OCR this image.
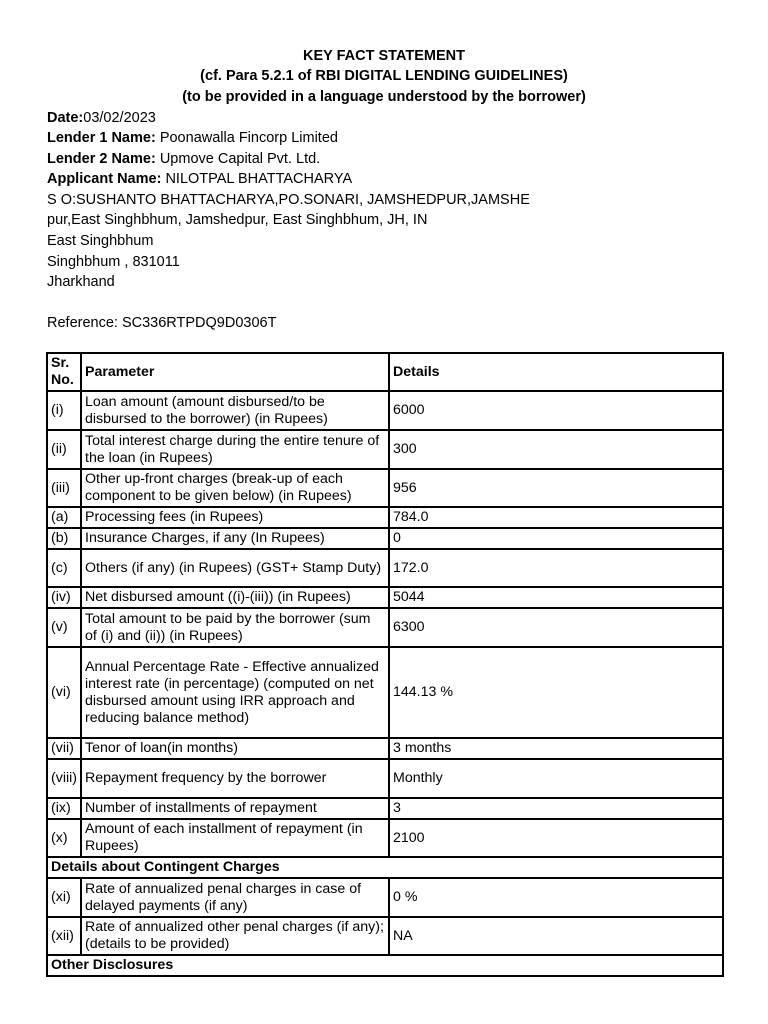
KEY FACT STATEMENT
(cf. Para 5.2.1 of RBI DIGITAL LENDING GUIDELINES)
(to be provided in a language understood by the borrower)
Date:03/02/2023
Lender 1 Name: Poonawalla Fincorp Limited
Lender 2 Name: Upmove Capital Pvt. Ltd.
Applicant Name: NILOTPAL BHATTACHARYA
S O:SUSHANTO BHATTACHARYA,PO.SONARI, JAMSHEDPUR,JAMSHE
pur,East Singhbhum, Jamshedpur, East Singhbhum, JH, IN
East Singhbhum
Singhbhum , 831011
Jharkhand
Reference: SC336RTPDQ9D0306T
Sr. No.	Parameter	Details
(i)	Loan amount (amount disbursed/to be disbursed to the borrower) (in Rupees)	6000
(ii)	Total interest charge during the entire tenure of the loan (in Rupees)	300
(iii)	Other up-front charges (break-up of each component to be given below) (in Rupees)	956
(a)	Processing fees (in Rupees)	784.0
(b)	Insurance Charges, if any (In Rupees)	0
(c)	Others (if any) (in Rupees) (GST+ Stamp Duty)	172.0
(iv)	Net disbursed amount ((i)-(iii)) (in Rupees)	5044
(v)	Total amount to be paid by the borrower (sum of (i) and (ii)) (in Rupees)	6300
(vi)	Annual Percentage Rate - Effective annualized interest rate (in percentage) (computed on net disbursed amount using IRR approach and reducing balance method)	144.13 %
(vii)	Tenor of loan(in months)	3 months
(viii)	Repayment frequency by the borrower	Monthly
(ix)	Number of installments of repayment	3
(x)	Amount of each installment of repayment (in Rupees)	2100
Details about Contingent Charges		
(xi)	Rate of annualized penal charges in case of delayed payments (if any)	0 %
(xii)	Rate of annualized other penal charges (if any); (details to be provided)	NA
Other Disclosures		
